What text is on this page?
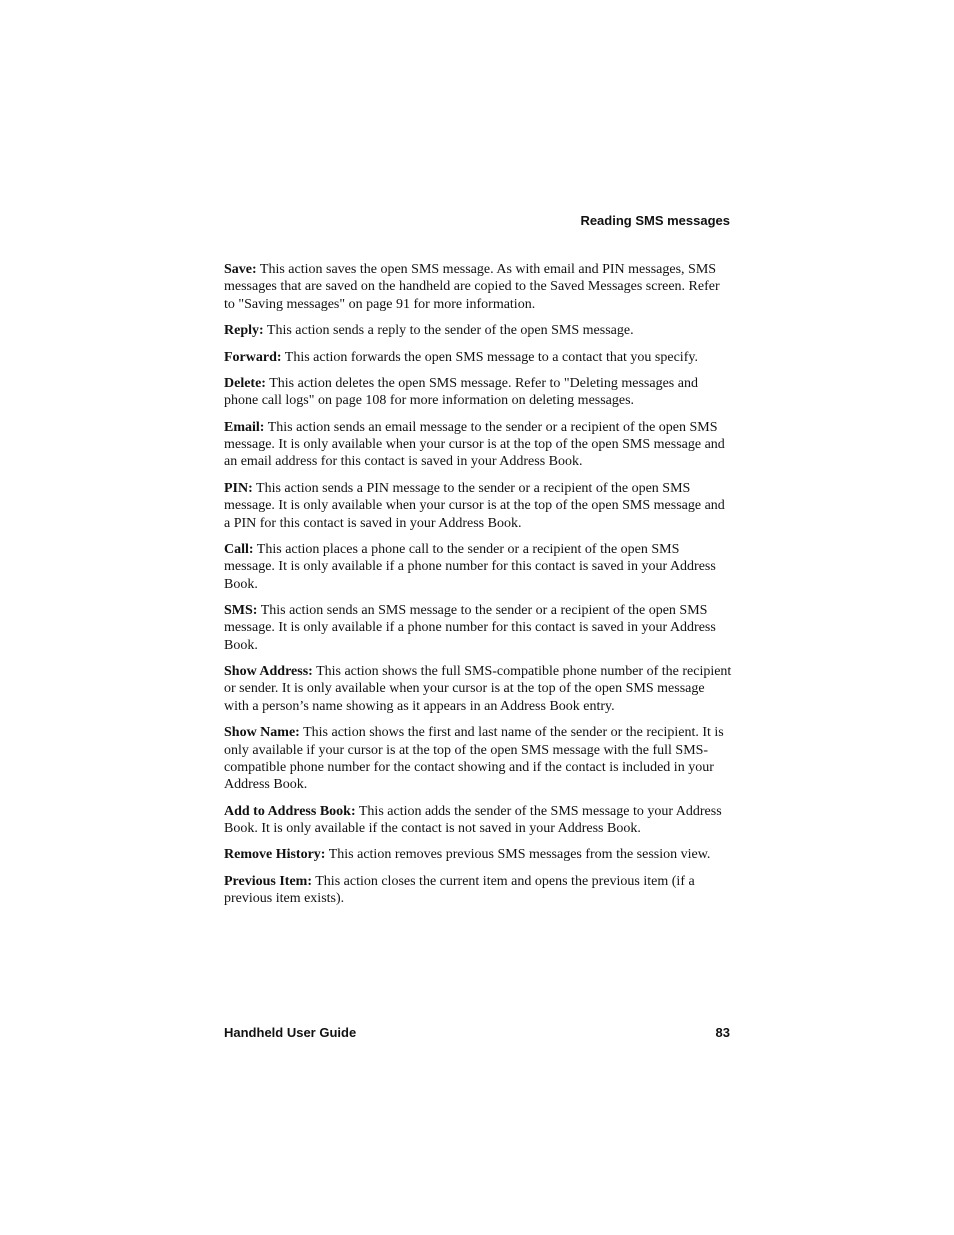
Reading SMS messages

Save: This action saves the open SMS message. As with email and PIN messages, SMS messages that are saved on the handheld are copied to the Saved Messages screen. Refer to "Saving messages" on page 91 for more information.

Reply: This action sends a reply to the sender of the open SMS message.

Forward: This action forwards the open SMS message to a contact that you specify.

Delete: This action deletes the open SMS message. Refer to "Deleting messages and phone call logs" on page 108 for more information on deleting messages.

Email: This action sends an email message to the sender or a recipient of the open SMS message. It is only available when your cursor is at the top of the open SMS message and an email address for this contact is saved in your Address Book.

PIN: This action sends a PIN message to the sender or a recipient of the open SMS message. It is only available when your cursor is at the top of the open SMS message and a PIN for this contact is saved in your Address Book.

Call: This action places a phone call to the sender or a recipient of the open SMS message. It is only available if a phone number for this contact is saved in your Address Book.

SMS: This action sends an SMS message to the sender or a recipient of the open SMS message. It is only available if a phone number for this contact is saved in your Address Book.

Show Address: This action shows the full SMS-compatible phone number of the recipient or sender. It is only available when your cursor is at the top of the open SMS message with a person’s name showing as it appears in an Address Book entry.

Show Name: This action shows the first and last name of the sender or the recipient. It is only available if your cursor is at the top of the open SMS message with the full SMS-compatible phone number for the contact showing and if the contact is included in your Address Book.

Add to Address Book: This action adds the sender of the SMS message to your Address Book. It is only available if the contact is not saved in your Address Book.

Remove History: This action removes previous SMS messages from the session view.

Previous Item: This action closes the current item and opens the previous item (if a previous item exists).

Handheld User Guide	83
